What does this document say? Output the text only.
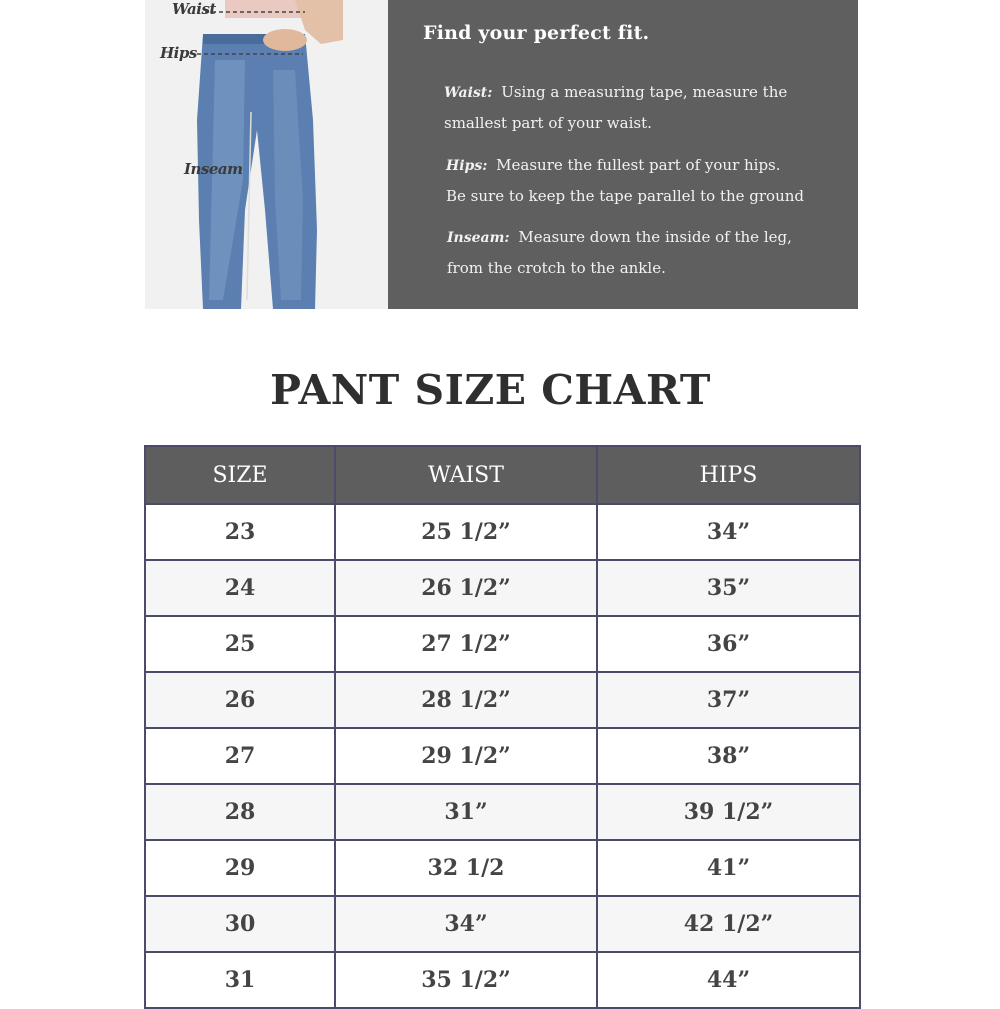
Waist
Hips
Inseam
Find your perfect fit.
Waist: Using a measuring tape, measure the
smallest part of your waist.
Hips: Measure the fullest part of your hips.
Be sure to keep the tape parallel to the ground
Inseam: Measure down the inside of the leg,
from the crotch to the ankle.
PANT SIZE CHART
SIZE	WAIST	HIPS
23	25 1/2”	34”
24	26 1/2”	35”
25	27 1/2”	36”
26	28 1/2”	37”
27	29 1/2”	38”
28	31”	39 1/2”
29	32 1/2	41”
30	34”	42 1/2”
31	35 1/2”	44”
